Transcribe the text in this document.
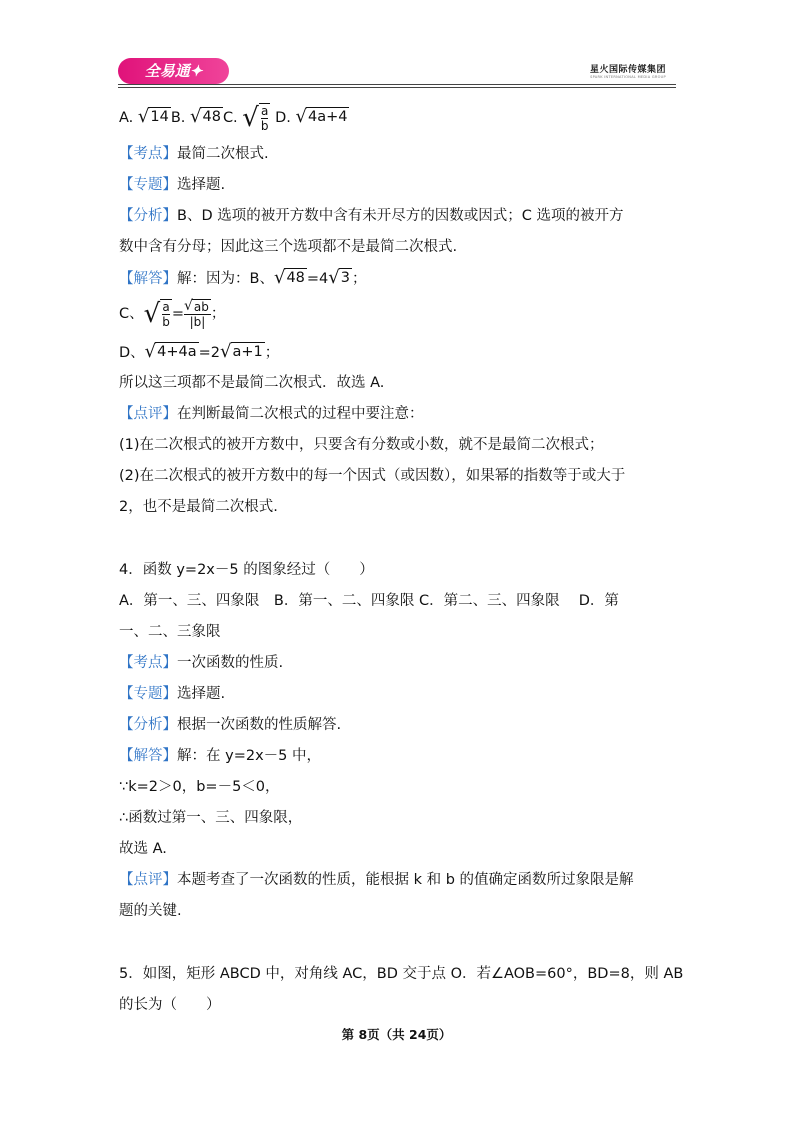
全易通✦	星火国际传媒集团
SPARK INTERNATIONAL MEDIA GROUP
A. √ 14 B. √ 48 C. √ $\frac{a}{b} D$. √ 4a+4
【考点】最简二次根式.
【专题】选择题.
【分析】B、D 选项的被开方数中含有未开尽方的因数或因式；C 选项的被开方
数中含有分母；因此这三个选项都不是最简二次根式.
【解答】解：因为：B、 √ 48 =4 √ 3 ；
C、 √ $\frac{a}{b} = \frac{√ ab}{|b|}$ ；
D、 √ 4+4a =2 √ a+1 ；
所以这三项都不是最简二次根式．故选 A.
【点评】在判断最简二次根式的过程中要注意：
(1)在二次根式的被开方数中，只要含有分数或小数，就不是最简二次根式；
(2)在二次根式的被开方数中的每一个因式（或因数），如果幂的指数等于或大于
2，也不是最简二次根式.
4．函数 y=2x－5 的图象经过（　　）
A．第一、三、四象限　B．第一、二、四象限 C．第二、三、四象限　 D．第
一、二、三象限
【考点】一次函数的性质.
【专题】选择题.
【分析】根据一次函数的性质解答.
【解答】解：在 y=2x－5 中，
∵k=2＞0，b=－5＜0，
∴函数过第一、三、四象限，
故选 A.
【点评】本题考查了一次函数的性质，能根据 k 和 b 的值确定函数所过象限是解
题的关键.
5．如图，矩形 ABCD 中，对角线 AC，BD 交于点 O．若∠AOB=60°，BD=8，则 AB
的长为（　　）
第 8页（共 24页）
